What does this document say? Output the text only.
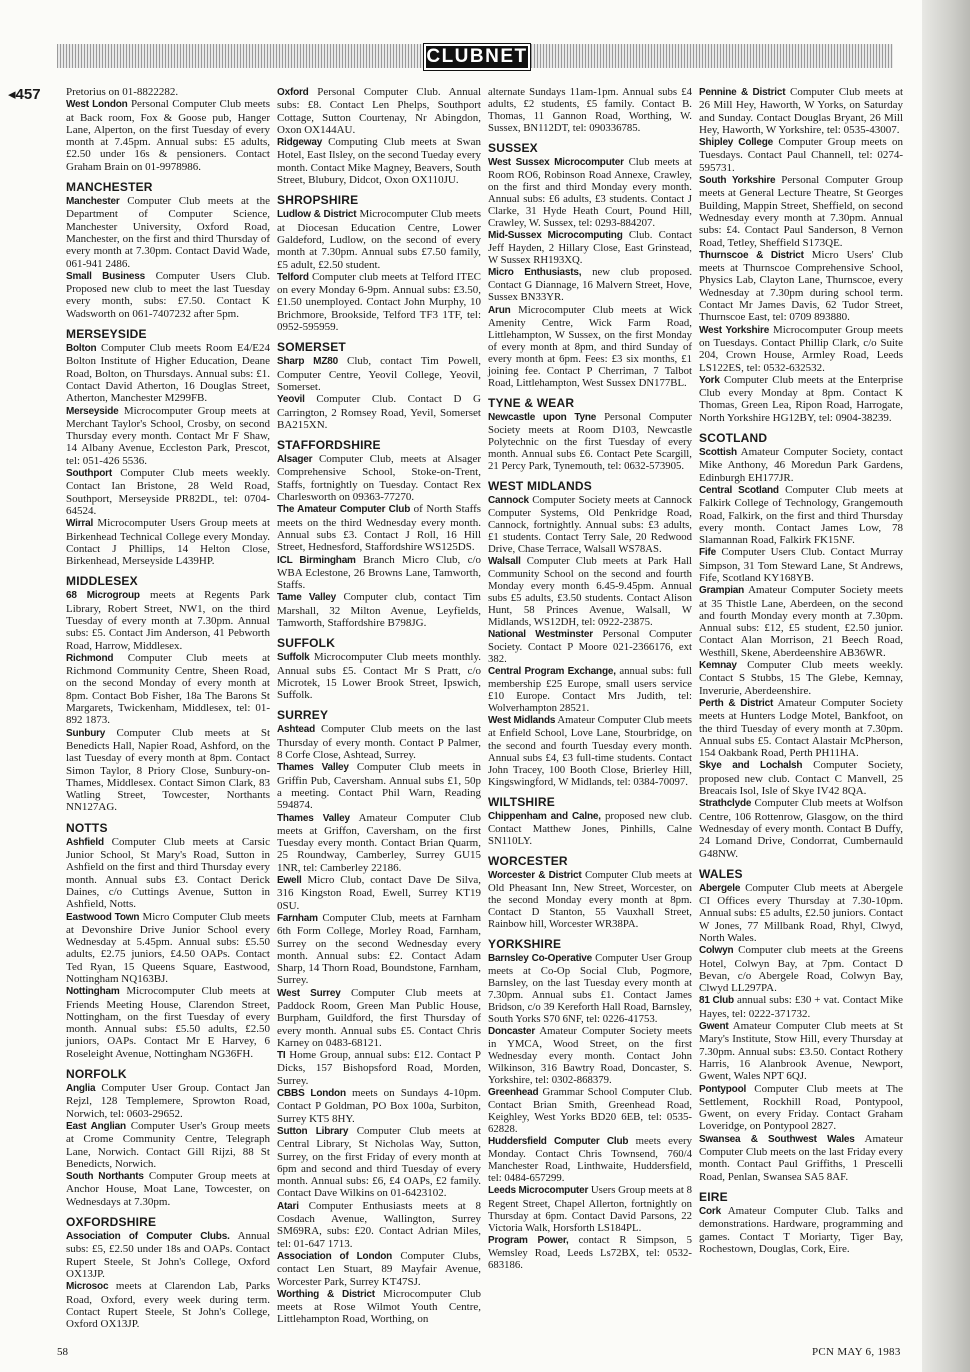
CLUBNET
◂457 Pretorius on 01-8822282.

West London Personal Computer Club meets at Back room, Fox & Goose pub, Hanger Lane, Alperton, on the first Tuesday of every month at 7.45pm. Annual subs: £5 adults, £2.50 under 16s & pensioners. Contact Graham Brain on 01-9978986.

MANCHESTER

Manchester Computer Club meets at the Department of Computer Science, Manchester University, Oxford Road, Manchester, on the first and third Thursday of every month at 7.30pm. Contact David Wade, 061-941 2486.

Small Business Computer Users Club. Proposed new club to meet the last Tuesday every month, subs: £7.50. Contact K Wadsworth on 061-7407232 after 5pm.

MERSEYSIDE

Bolton Computer Club meets Room E4/E24 Bolton Institute of Higher Education, Deane Road, Bolton, on Thursdays. Annual subs: £1. Contact David Atherton, 16 Douglas Street, Atherton, Manchester M299FB.

Merseyside Microcomputer Group meets at Merchant Taylor's School, Crosby, on second Thursday every month. Contact Mr F Shaw, 14 Albany Avenue, Eccleston Park, Prescot, tel: 051-426 5536.

Southport Computer Club meets weekly. Contact Ian Bristone, 28 Weld Road, Southport, Merseyside PR82DL, tel: 0704-64524.

Wirral Microcomputer Users Group meets at Birkenhead Technical College every Monday. Contact J Phillips, 14 Helton Close, Birkenhead, Merseyside L439HP.

MIDDLESEX

68 Microgroup meets at Regents Park Library, Robert Street, NW1, on the third Tuesday of every month at 7.30pm. Annual subs: £5. Contact Jim Anderson, 41 Pebworth Road, Harrow, Middlesex.

Richmond Computer Club meets at Richmond Community Centre, Sheen Road, on the second Monday of every month at 8pm. Contact Bob Fisher, 18a The Barons St Margarets, Twickenham, Middlesex, tel: 01-892 1873.

Sunbury Computer Club meets at St Benedicts Hall, Napier Road, Ashford, on the last Tuesday of every month at 8pm. Contact Simon Taylor, 8 Priory Close, Sunbury-on-Thames, Middlesex. Contact Simon Clark, 83 Watling Street, Towcester, Northants NN127AG.

NOTTS

Ashfield Computer Club meets at Carsic Junior School, St Mary's Road, Sutton in Ashfield on the first and third Thursday every month. Annual subs £3. Contact Derick Daines, c/o Cuttings Avenue, Sutton in Ashfield, Notts.

Eastwood Town Micro Computer Club meets at Devonshire Drive Junior School every Wednesday at 5.45pm. Annual subs: £5.50 adults, £2.75 juniors, £4.50 OAPs. Contact Ted Ryan, 15 Queens Square, Eastwood, Nottingham NQ163BJ.

Nottingham Microcomputer Club meets at Friends Meeting House, Clarendon Street, Nottingham, on the first Tuesday of every month. Annual subs: £5.50 adults, £2.50 juniors, OAPs. Contact Mr E Harvey, 6 Roseleight Avenue, Nottingham NG36FH.

NORFOLK

Anglia Computer User Group. Contact Jan Rejzl, 128 Templemere, Sprowton Road, Norwich, tel: 0603-29652.

East Anglian Computer User's Group meets at Crome Community Centre, Telegraph Lane, Norwich. Contact Gill Rijzi, 88 St Benedicts, Norwich.

South Northants Computer Group meets at Anchor House, Moat Lane, Towcester, on Wednesdays at 7.30pm.

OXFORDSHIRE

Association of Computer Clubs. Annual subs: £5, £2.50 under 18s and OAPs. Contact Rupert Steele, St John's College, Oxford OX13JP.

Microsoc meets at Clarendon Lab, Parks Road, Oxford, every week during term. Contact Rupert Steele, St John's College, Oxford OX13JP.

Oxford Personal Computer Club. Annual subs: £8. Contact Len Phelps, Southport Cottage, Sutton Courtenay, Nr Abingdon, Oxon OX144AU.

Ridgeway Computing Club meets at Swan Hotel, East Ilsley, on the second Tueday every month. Contact Mike Magney, Beavers, South Street, Blubury, Didcot, Oxon OX110JU.

SHROPSHIRE

Ludlow & District Microcomputer Club meets at Diocesan Education Centre, Lower Galdeford, Ludlow, on the second of every month at 7.30pm. Annual subs £7.50 family, £5 adult, £2.50 student.

Telford Computer club meets at Telford ITEC on every Monday 6-9pm. Annual subs: £3.50, £1.50 unemployed. Contact John Murphy, 10 Brichmore, Brookside, Telford TF3 1TF, tel: 0952-595959.

SOMERSET

Sharp MZ80 Club, contact Tim Powell, Computer Centre, Yeovil College, Yeovil, Somerset.

Yeovil Computer Club. Contact D G Carrington, 2 Romsey Road, Yevil, Somerset BA215XN.

STAFFORDSHIRE

Alsager Computer Club, meets at Alsager Comprehensive School, Stoke-on-Trent, Staffs, fortnightly on Tuesday. Contact Rex Charlesworth on 09363-77270.

The Amateur Computer Club of North Staffs meets on the third Wednesday every month. Annual subs £3. Contact J Roll, 16 Hill Street, Hednesford, Staffordshire WS125DS.

ICL Birmingham Branch Micro Club, c/o WBA Eclestone, 26 Browns Lane, Tamworth, Staffs.

Tame Valley Computer club, contact Tim Marshall, 32 Milton Avenue, Leyfields, Tamworth, Staffordshire B798JG.

SUFFOLK

Suffolk Microcomputer Club meets monthly. Annual subs £5. Contact Mr S Pratt, c/o Microtek, 15 Lower Brook Street, Ipswich, Suffolk.

SURREY

Ashtead Computer Club meets on the last Thursday of every month. Contact P Palmer, 8 Corfe Close, Ashtead, Surrey.

Thames Valley Computer Club meets in Griffin Pub, Caversham. Annual subs £1, 50p a meeting. Contact Phil Warn, Reading 594874.

Thames Valley Amateur Computer Club meets at Griffon, Caversham, on the first Tuesday every month. Contact Brian Quarm, 25 Roundway, Camberley, Surrey GU15 1NR, tel: Camberley 22186.

Ewell Micro Club, contact Dave De Silva, 316 Kingston Road, Ewell, Surrey KT19 0SU.

Farnham Computer Club, meets at Farnham 6th Form College, Morley Road, Farnham, Surrey on the second Wednesday every month. Annual subs: £2. Contact Adam Sharp, 14 Thorn Road, Boundstone, Farnham, Surrey.

West Surrey Computer Club meets at Paddock Room, Green Man Public House, Burpham, Guildford, the first Thursday of every month. Annual subs £5. Contact Chris Karney on 0483-68121.

TI Home Group, annual subs: £12. Contact P Dicks, 157 Bishopsford Road, Morden, Surrey.

CBBS London meets on Sundays 4-10pm. Contact P Goldman, PO Box 100a, Surbiton, Surrey KT5 8HY.

Sutton Library Computer Club meets at Central Library, St Nicholas Way, Sutton, Surrey, on the first Friday of every month at 6pm and second and third Tuesday of every month. Annual subs: £6, £4 OAPs, £2 family. Contact Dave Wilkins on 01-6423102.

Atari Computer Enthusiasts meets at 8 Cosdach Avenue, Wallington, Surrey SM69RA, subs: £20. Contact Adrian Miles, tel: 01-647 1713.

Association of London Computer Clubs, contact Len Stuart, 89 Mayfair Avenue, Worcester Park, Surrey KT47SJ.

Worthing & District Microcomputer Club meets at Rose Wilmot Youth Centre, Littlehampton Road, Worthing, on

alternate Sundays 11am-1pm. Annual subs £4 adults, £2 students, £5 family. Contact B. Thomas, 11 Gannon Road, Worthing, W. Sussex, BN112DT, tel: 090336785.

SUSSEX

West Sussex Microcomputer Club meets at Room RO6, Robinson Road Annexe, Crawley, on the first and third Monday every month. Annual subs: £6 adults, £3 students. Contact J Clarke, 31 Hyde Heath Court, Pound Hill, Crawley, W. Sussex, tel: 0293-884207.

Mid-Sussex Microcomputing Club. Contact Jeff Hayden, 2 Hillary Close, East Grinstead, W Sussex RH193XQ.

Micro Enthusiasts, new club proposed. Contact G Diannage, 16 Malvern Street, Hove, Sussex BN33YR.

Arun Microcomputer Club meets at Wick Amenity Centre, Wick Farm Road, Littlehampton, W Sussex, on the first Monday of every month at 8pm, and third Sunday of every month at 6pm. Fees: £3 six months, £1 joining fee. Contact P Cherriman, 7 Talbot Road, Littlehampton, West Sussex DN177BL.

TYNE & WEAR

Newcastle upon Tyne Personal Computer Society meets at Room D103, Newcastle Polytechnic on the first Tuesday of every month. Annual subs £6. Contact Pete Scargill, 21 Percy Park, Tynemouth, tel: 0632-573905.

WEST MIDLANDS

Cannock Computer Society meets at Cannock Computer Systems, Old Penkridge Road, Cannock, fortnightly. Annual subs: £3 adults, £1 students. Contact Terry Sale, 20 Redwood Drive, Chase Terrace, Walsall WS78AS.

Walsall Computer Club meets at Park Hall Community School on the second and fourth Monday every month 6.45-9.45pm. Annual subs £5 adults, £3.50 students. Contact Alison Hunt, 58 Princes Avenue, Walsall, W Midlands, WS12DH, tel: 0922-23875.

National Westminster Personal Computer Society. Contact P Moore 021-2366176, ext 382.

Central Program Exchange, annual subs: full membership £25 Europe, small users service £10 Europe. Contact Mrs Judith, tel: Wolverhampton 28521.

West Midlands Amateur Computer Club meets at Enfield School, Love Lane, Stourbridge, on the second and fourth Tuesday every month. Annual subs £4, £3 full-time students. Contact John Tracey, 100 Booth Close, Brierley Hill, Kingswingford, W Midlands, tel: 0384-70097.

WILTSHIRE

Chippenham and Calne, proposed new club. Contact Matthew Jones, Pinhills, Calne SN110LY.

WORCESTER

Worcester & District Computer Club meets at Old Pheasant Inn, New Street, Worcester, on the second Monday every month at 8pm. Contact D Stanton, 55 Vauxhall Street, Rainbow hill, Worcester WR38PA.

YORKSHIRE

Barnsley Co-Operative Computer User Group meets at Co-Op Social Club, Pogmore, Barnsley, on the last Tuesday every month at 7.30pm. Annual subs £1. Contact James Bridson, c/o 39 Kereforth Hall Road, Barnsley, South Yorks S70 6NF, tel: 0226-41753.

Doncaster Amateur Computer Society meets in YMCA, Wood Street, on the first Wednesday every month. Contact John Wilkinson, 316 Bawtry Road, Doncaster, S. Yorkshire, tel: 0302-868379.

Greenhead Grammar School Computer Club. Contact Brian Smith, Greenhead Road, Keighley, West Yorks BD20 6EB, tel: 0535-62828.

Huddersfield Computer Club meets every Monday. Contact Chris Townsend, 760/4 Manchester Road, Linthwaite, Huddersfield, tel: 0484-657299.

Leeds Microcomputer Users Group meets at 8 Regent Street, Chapel Allerton, fortnightly on Thursday at 6pm. Contact David Parsons, 22 Victoria Walk, Horsforth LS184PL.

Program Power, contact R Simpson, 5 Wemsley Road, Leeds Ls72BX, tel: 0532-683186.

Pennine & District Computer Club meets at 26 Mill Hey, Haworth, W Yorks, on Saturday and Sunday. Contact Douglas Bryant, 26 Mill Hey, Haworth, W Yorkshire, tel: 0535-43007.

Shipley College Computer Group meets on Tuesdays. Contact Paul Channell, tel: 0274-595731.

South Yorkshire Personal Computer Group meets at General Lecture Theatre, St Georges Building, Mappin Street, Sheffield, on second Wednesday every month at 7.30pm. Annual subs: £4. Contact Paul Sanderson, 8 Vernon Road, Tetley, Sheffield S173QE.

Thurnscoe & District Micro Users' Club meets at Thurnscoe Comprehensive School, Physics Lab, Clayton Lane, Thurnscoe, every Wednesday at 7.30pm during school term. Contact Mr James Davis, 62 Tudor Street, Thurnscoe East, tel: 0709 893880.

West Yorkshire Microcomputer Group meets on Tuesdays. Contact Phillip Clark, c/o Suite 204, Crown House, Armley Road, Leeds LS122ES, tel: 0532-632532.

York Computer Club meets at the Enterprise Club every Monday at 8pm. Contact K Thomas, Green Lea, Ripon Road, Harrogate, North Yorkshire HG12BY, tel: 0904-38239.

SCOTLAND

Scottish Amateur Computer Society, contact Mike Anthony, 46 Moredun Park Gardens, Edinburgh EH177JR.

Central Scotland Computer Club meets at Falkirk College of Technology, Grangemouth Road, Falkirk, on the first and third Thursday every month. Contact James Low, 78 Slamannan Road, Falkirk FK15NF.

Fife Computer Users Club. Contact Murray Simpson, 31 Tom Steward Lane, St Andrews, Fife, Scotland KY168YB.

Grampian Amateur Computer Society meets at 35 Thistle Lane, Aberdeen, on the second and fourth Monday every month at 7.30pm. Annual subs: £12, £5 student, £2.50 junior. Contact Alan Morrison, 21 Beech Road, Westhill, Skene, Aberdeenshire AB36WR.

Kemnay Computer Club meets weekly. Contact S Stubbs, 15 The Glebe, Kemnay, Inverurie, Aberdeenshire.

Perth & District Amateur Computer Society meets at Hunters Lodge Motel, Bankfoot, on the third Tuesday of every month at 7.30pm. Annual subs £5. Contact Alastair McPherson, 154 Oakbank Road, Perth PH11HA.

Skye and Lochalsh Computer Society, proposed new club. Contact C Manvell, 25 Breacais Isol, Isle of Skye IV42 8QA.

Strathclyde Computer Club meets at Wolfson Centre, 106 Rottenrow, Glasgow, on the third Wednesday of every month. Contact B Duffy, 24 Lomand Drive, Condorrat, Cumbernauld G48NW.

WALES

Abergele Computer Club meets at Abergele CI Offices every Thursday at 7.30-10pm. Annual subs: £5 adults, £2.50 juniors. Contact W Jones, 77 Millbank Road, Rhyl, Clwyd, North Wales.

Colwyn Computer club meets at the Greens Hotel, Colwyn Bay, at 7pm. Contact D Bevan, c/o Abergele Road, Colwyn Bay, Clwyd LL297PA.

81 Club annual subs: £30 + vat. Contact Mike Hayes, tel: 0222-371732.

Gwent Amateur Computer Club meets at St Mary's Institute, Stow Hill, every Thursday at 7.30pm. Annual subs: £3.50. Contact Rothery Harris, 16 Alanbrook Avenue, Newport, Gwent, Wales NPT 6QJ.

Pontypool Computer Club meets at The Settlement, Rockhill Road, Pontypool, Gwent, on every Friday. Contact Graham Loveridge, on Pontypool 2827.

Swansea & Southwest Wales Amateur Computer Club meets on the last Friday every month. Contact Paul Griffiths, 1 Prescelli Road, Penlan, Swansea SA5 8AF.

EIRE

Cork Amateur Computer Club. Talks and demonstrations. Hardware, programming and games. Contact T Moriarty, Tiger Bay, Rochestown, Douglas, Cork, Eire.

58	PCN MAY 6, 1983
